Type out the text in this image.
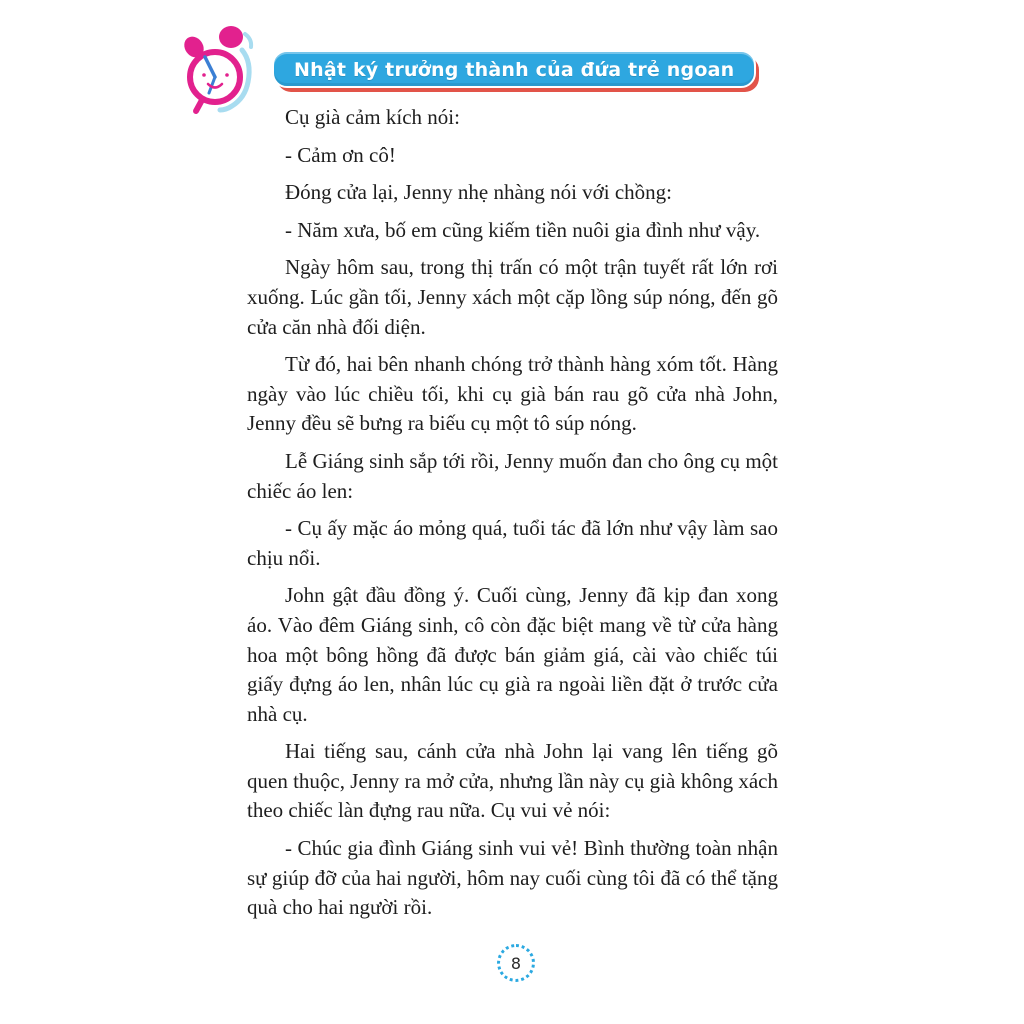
Nhật ký trưởng thành của đứa trẻ ngoan

Cụ già cảm kích nói:

- Cảm ơn cô!

Đóng cửa lại, Jenny nhẹ nhàng nói với chồng:

- Năm xưa, bố em cũng kiếm tiền nuôi gia đình như vậy.

Ngày hôm sau, trong thị trấn có một trận tuyết rất lớn rơi xuống. Lúc gần tối, Jenny xách một cặp lồng súp nóng, đến gõ cửa căn nhà đối diện.

Từ đó, hai bên nhanh chóng trở thành hàng xóm tốt. Hàng ngày vào lúc chiều tối, khi cụ già bán rau gõ cửa nhà John, Jenny đều sẽ bưng ra biếu cụ một tô súp nóng.

Lễ Giáng sinh sắp tới rồi, Jenny muốn đan cho ông cụ một chiếc áo len:

- Cụ ấy mặc áo mỏng quá, tuổi tác đã lớn như vậy làm sao chịu nổi.

John gật đầu đồng ý. Cuối cùng, Jenny đã kịp đan xong áo. Vào đêm Giáng sinh, cô còn đặc biệt mang về từ cửa hàng hoa một bông hồng đã được bán giảm giá, cài vào chiếc túi giấy đựng áo len, nhân lúc cụ già ra ngoài liền đặt ở trước cửa nhà cụ.

Hai tiếng sau, cánh cửa nhà John lại vang lên tiếng gõ quen thuộc, Jenny ra mở cửa, nhưng lần này cụ già không xách theo chiếc làn đựng rau nữa. Cụ vui vẻ nói:

- Chúc gia đình Giáng sinh vui vẻ! Bình thường toàn nhận sự giúp đỡ của hai người, hôm nay cuối cùng tôi đã có thể tặng quà cho hai người rồi.

8
